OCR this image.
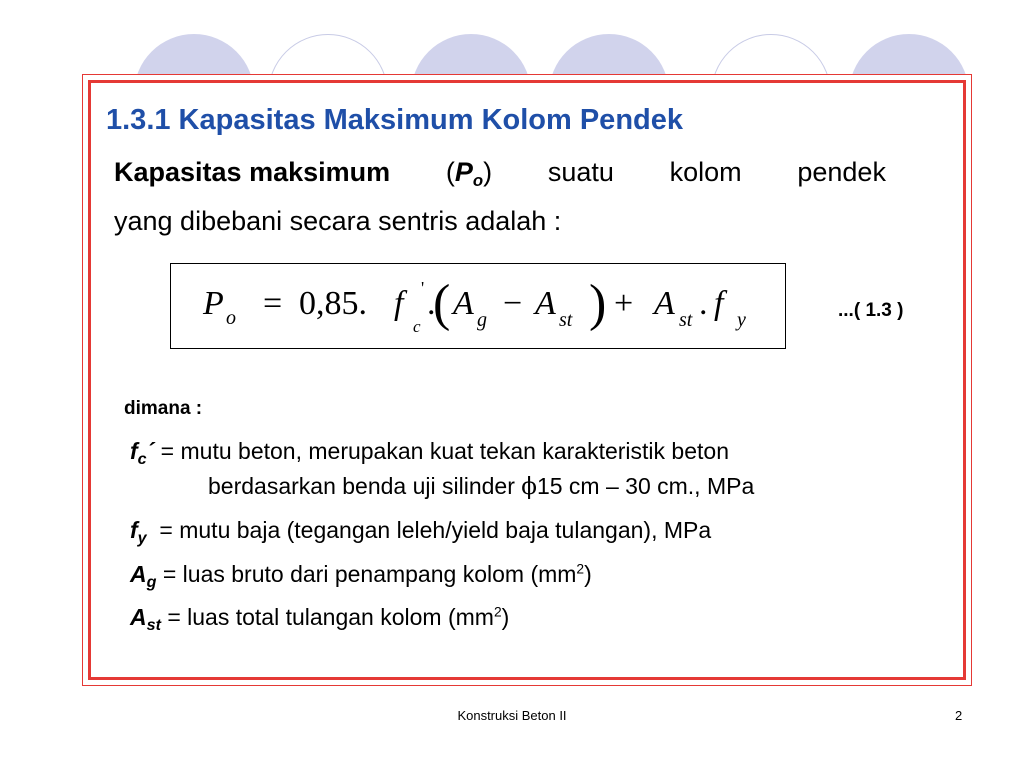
1.3.1 Kapasitas Maksimum Kolom Pendek
Kapasitas maksimum $(P_o)$ suatu kolom pendek
yang dibebani secara sentris adalah :
P o = 0,85. f '
c
.
( A g − A st ) + A st . f y	...( 1.3 )
dimana :
$f_c´$ = mutu beton, merupakan kuat tekan karakteristik beton
berdasarkan benda uji silinder ϕ15 cm – 30 cm., MPa
$f_y$  = mutu baja (tegangan leleh/yield baja tulangan), MPa
$A_g$ = luas bruto dari penampang kolom $(mm^2)$
$A_{st}$ = luas total tulangan kolom $(mm^2)$
Konstruksi Beton II	2
